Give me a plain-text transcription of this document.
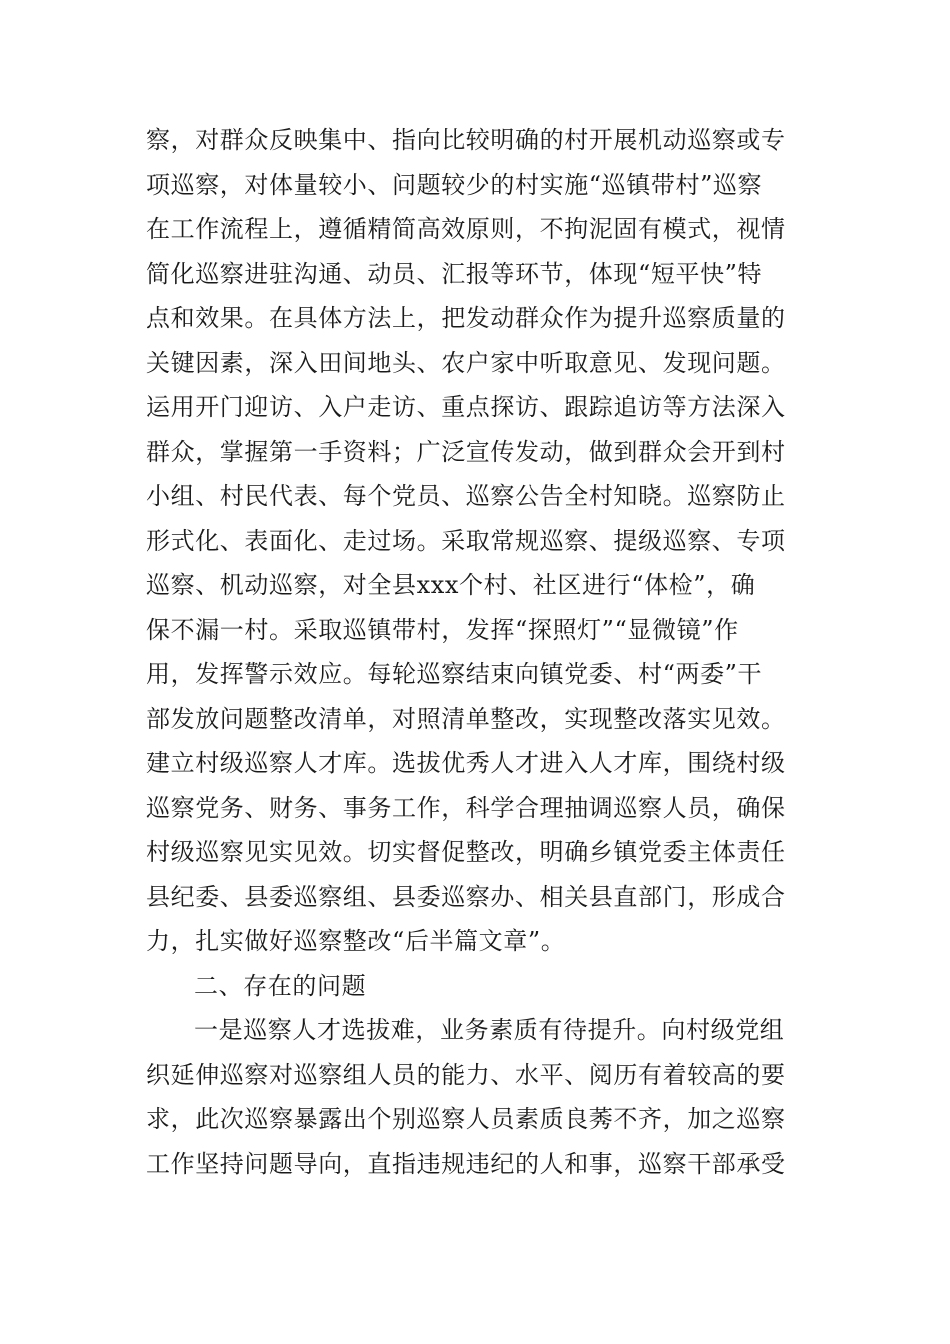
察，对群众反映集中、指向比较明确的村开展机动巡察或专
项巡察，对体量较小、问题较少的村实施“巡镇带村”巡察
在工作流程上，遵循精简高效原则，不拘泥固有模式，视情
简化巡察进驻沟通、动员、汇报等环节，体现“短平快”特
点和效果。在具体方法上，把发动群众作为提升巡察质量的
关键因素，深入田间地头、农户家中听取意见、发现问题。
运用开门迎访、入户走访、重点探访、跟踪追访等方法深入
群众，掌握第一手资料；广泛宣传发动，做到群众会开到村
小组、村民代表、每个党员、巡察公告全村知晓。巡察防止
形式化、表面化、走过场。采取常规巡察、提级巡察、专项
巡察、机动巡察，对全县xxx个村、社区进行“体检”，确
保不漏一村。采取巡镇带村，发挥“探照灯”“显微镜”作
用，发挥警示效应。每轮巡察结束向镇党委、村“两委”干
部发放问题整改清单，对照清单整改，实现整改落实见效。
建立村级巡察人才库。选拔优秀人才进入人才库，围绕村级
巡察党务、财务、事务工作，科学合理抽调巡察人员，确保
村级巡察见实见效。切实督促整改，明确乡镇党委主体责任
县纪委、县委巡察组、县委巡察办、相关县直部门，形成合
力，扎实做好巡察整改“后半篇文章”。
二、存在的问题
一是巡察人才选拔难，业务素质有待提升。向村级党组
织延伸巡察对巡察组人员的能力、水平、阅历有着较高的要
求，此次巡察暴露出个别巡察人员素质良莠不齐，加之巡察
工作坚持问题导向，直指违规违纪的人和事，巡察干部承受
